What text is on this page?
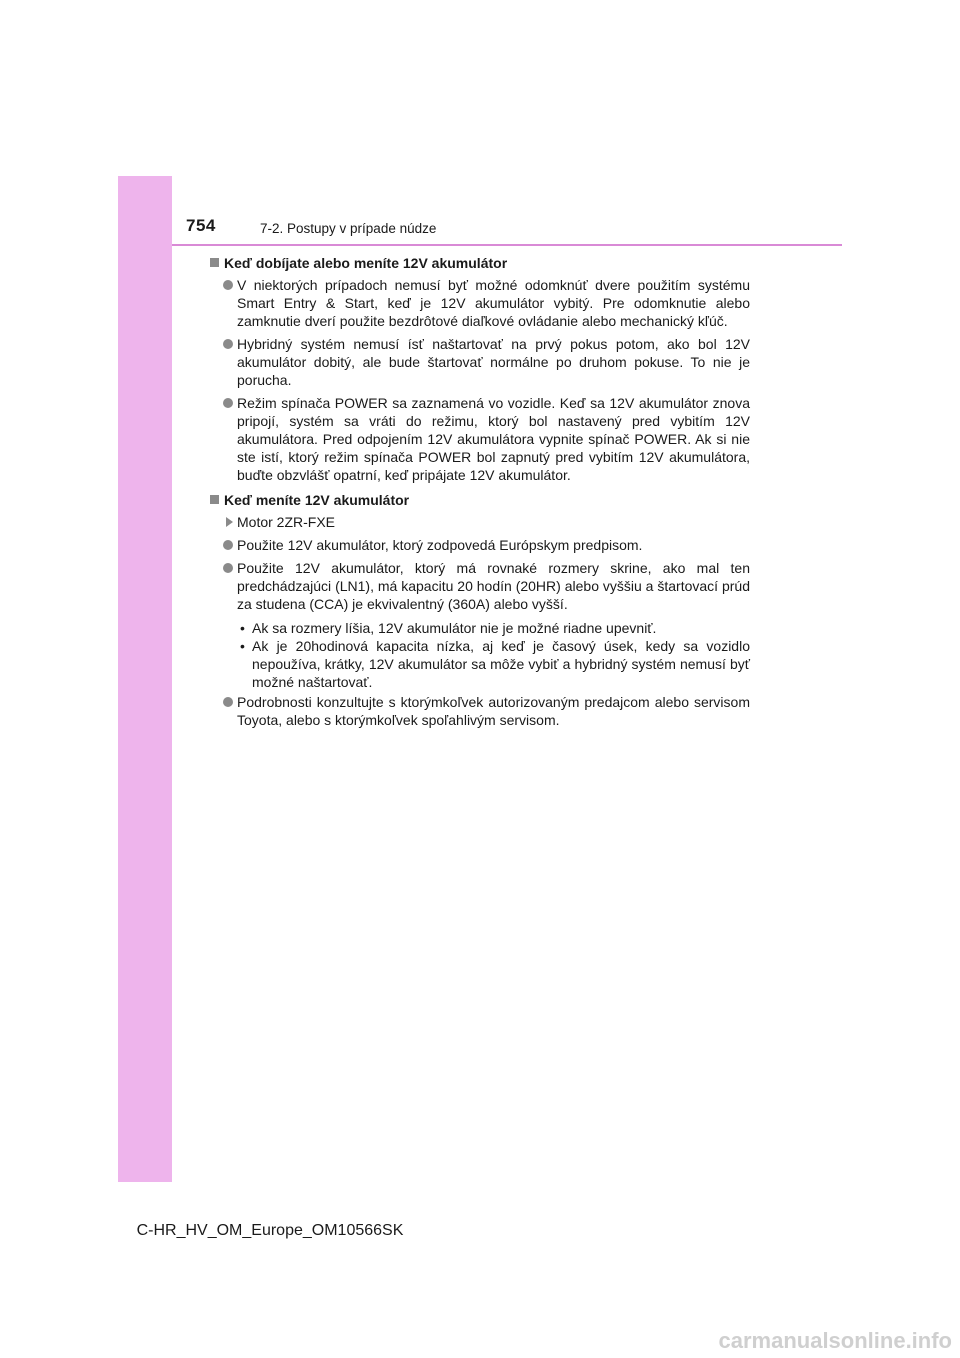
754	7-2. Postupy v prípade núdze
Keď dobíjate alebo meníte 12V akumulátor
V niektorých prípadoch nemusí byť možné odomknúť dvere použitím systému Smart Entry & Start, keď je 12V akumulátor vybitý. Pre odomknutie alebo zamknutie dverí použite bezdrôtové diaľkové ovládanie alebo mechanický kľúč.
Hybridný systém nemusí ísť naštartovať na prvý pokus potom, ako bol 12V akumulátor dobitý, ale bude štartovať normálne po druhom pokuse. To nie je porucha.
Režim spínača POWER sa zaznamená vo vozidle. Keď sa 12V akumulátor znova pripojí, systém sa vráti do režimu, ktorý bol nastavený pred vybitím 12V akumulátora. Pred odpojením 12V akumulátora vypnite spínač POWER. Ak si nie ste istí, ktorý režim spínača POWER bol zapnutý pred vybitím 12V akumulátora, buďte obzvlášť opatrní, keď pripájate 12V akumulátor.
Keď meníte 12V akumulátor
Motor 2ZR-FXE
Použite 12V akumulátor, ktorý zodpovedá Európskym predpisom.
Použite 12V akumulátor, ktorý má rovnaké rozmery skrine, ako mal ten predchádzajúci (LN1), má kapacitu 20 hodín (20HR) alebo vyššiu a štartovací prúd za studena (CCA) je ekvivalentný (360A) alebo vyšší.
• Ak sa rozmery líšia, 12V akumulátor nie je možné riadne upevniť.
• Ak je 20hodinová kapacita nízka, aj keď je časový úsek, kedy sa vozidlo nepoužíva, krátky, 12V akumulátor sa môže vybiť a hybridný systém nemusí byť možné naštartovať.
Podrobnosti konzultujte s ktorýmkoľvek autorizovaným predajcom alebo servisom Toyota, alebo s ktorýmkoľvek spoľahlivým servisom.
C-HR_HV_OM_Europe_OM10566SK
carmanualsonline.info
